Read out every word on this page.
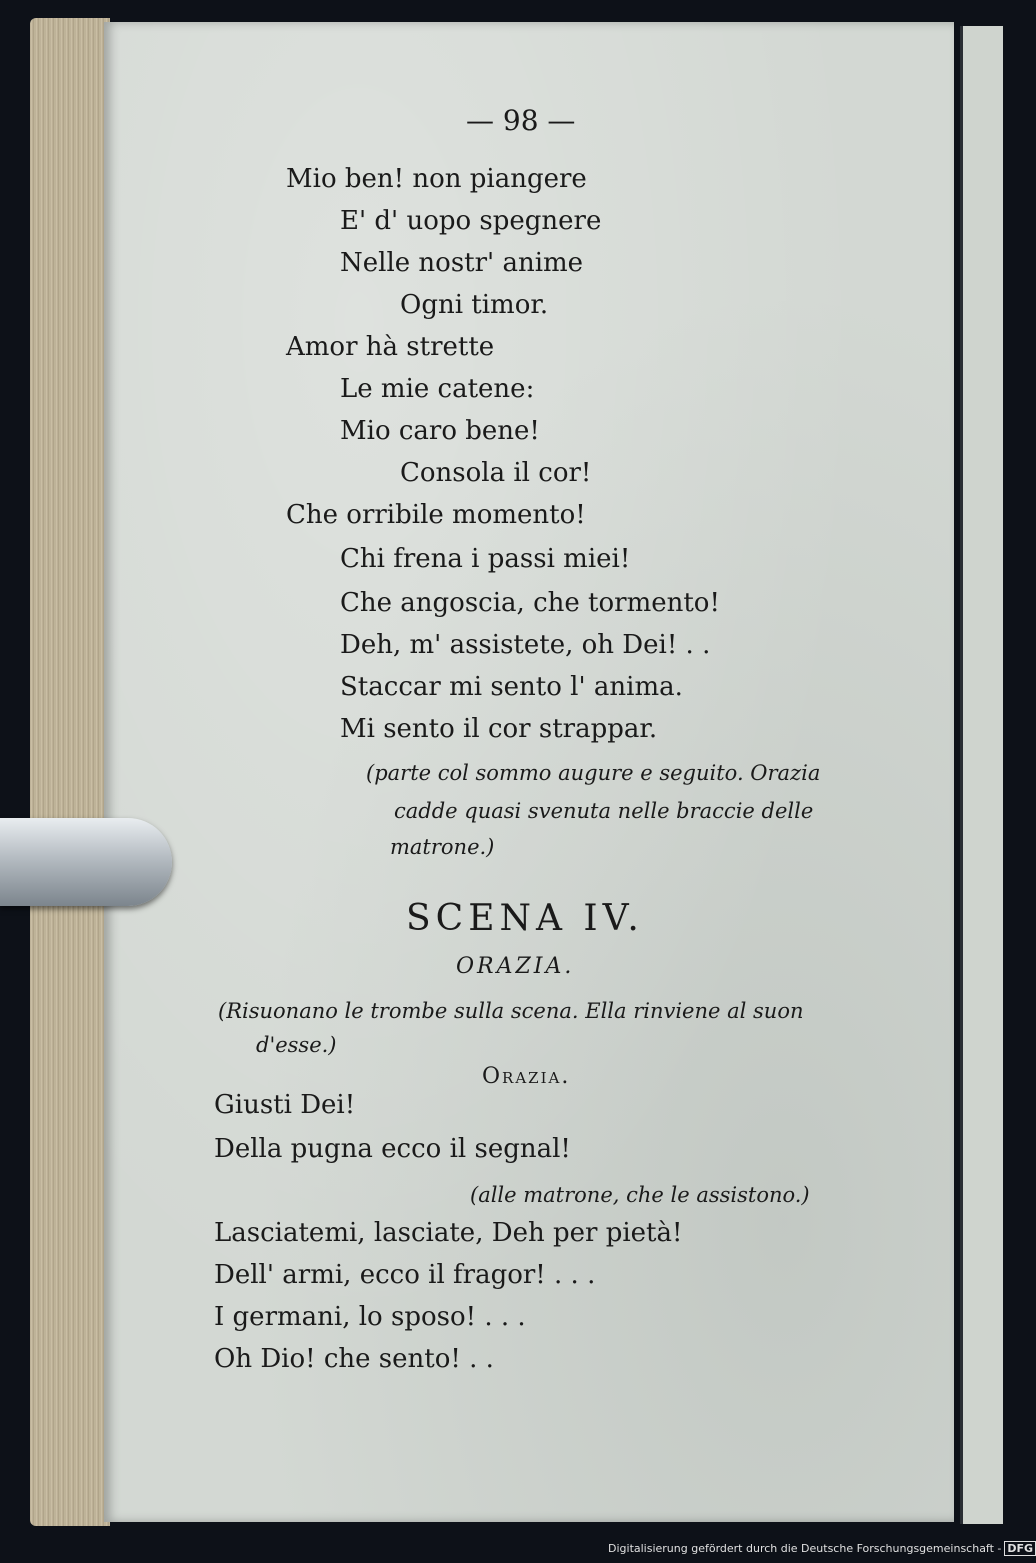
— 98 —
Mio ben! non piangere
E' d' uopo spegnere
Nelle nostr' anime
Ogni timor.
Amor hà strette
Le mie catene:
Mio caro bene!
Consola il cor!
Che orribile momento!
Chi frena i passi miei!
Che angoscia, che tormento!
Deh, m' assistete, oh Dei! . .
Staccar mi sento l' anima.
Mi sento il cor strappar.
(parte col sommo augure e seguito. Orazia
cadde quasi svenuta nelle braccie delle
matrone.)
SCENA IV.
ORAZIA.
(Risuonano le trombe sulla scena. Ella rinviene al suon
d'esse.)
Orazia.
Giusti Dei!
Della pugna ecco il segnal!
(alle matrone, che le assistono.)
Lasciatemi, lasciate, Deh per pietà!
Dell' armi, ecco il fragor! . . .
I germani, lo sposo! . . .
Oh Dio! che sento! . .
Digitalisierung gefördert durch die Deutsche Forschungsgemeinschaft - DFG
